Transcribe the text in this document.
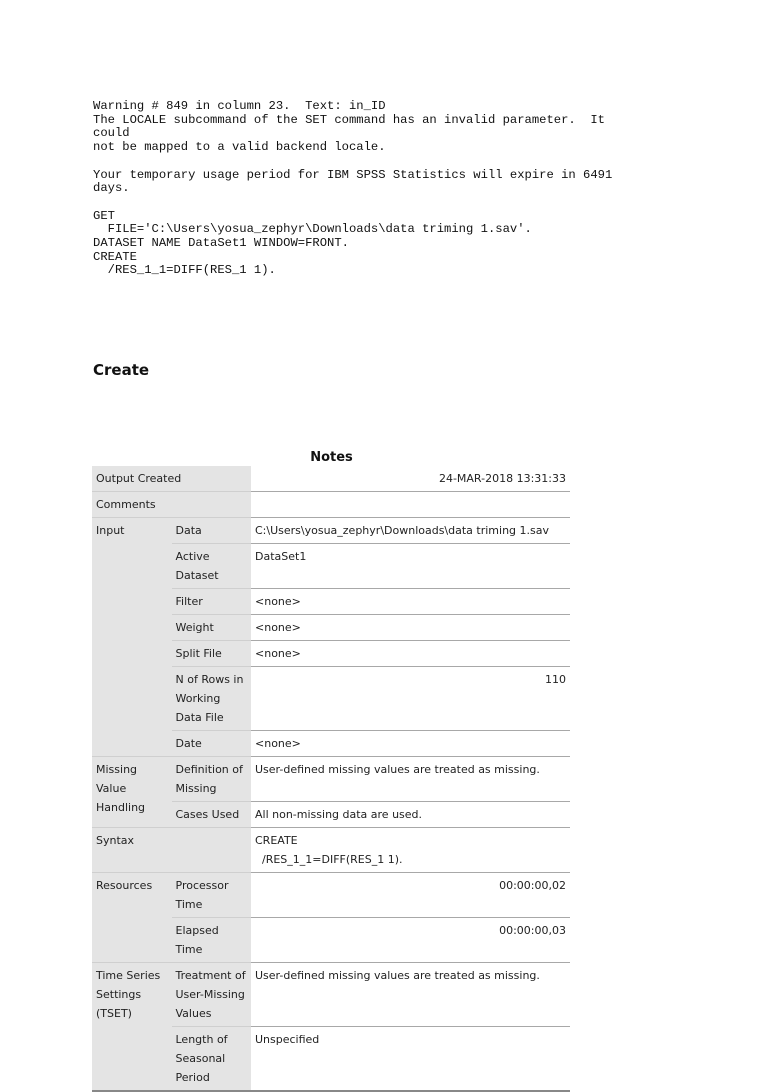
Warning # 849 in column 23.  Text: in_ID
The LOCALE subcommand of the SET command has an invalid parameter.  It
could
not be mapped to a valid backend locale.

Your temporary usage period for IBM SPSS Statistics will expire in 6491
days.

GET
FILE='C:\Users\yosua_zephyr\Downloads\data triming 1.sav'.
DATASET NAME DataSet1 WINDOW=FRONT.
CREATE
/RES_1_1=DIFF(RES_1 1).
Create
Notes
Output Created		24-MAR-2018 13:31:33
Comments		
Input	Data	C:\Users\yosua_zephyr\Downloads\data triming 1.sav
	Active Dataset	DataSet1
	Filter	<none>
	Weight	<none>
	Split File	<none>
	N of Rows in Working Data File	110
	Date	<none>
Missing Value Handling	Definition of Missing	User-defined missing values are treated as missing.
	Cases Used	All non-missing data are used.
Syntax		CREATE
/RES_1_1=DIFF(RES_1 1).

Resources	Processor Time	00:00:00,02
	Elapsed Time	00:00:00,03
Time Series Settings (TSET)	Treatment of User-Missing Values	User-defined missing values are treated as missing.
	Length of Seasonal Period	Unspecified
